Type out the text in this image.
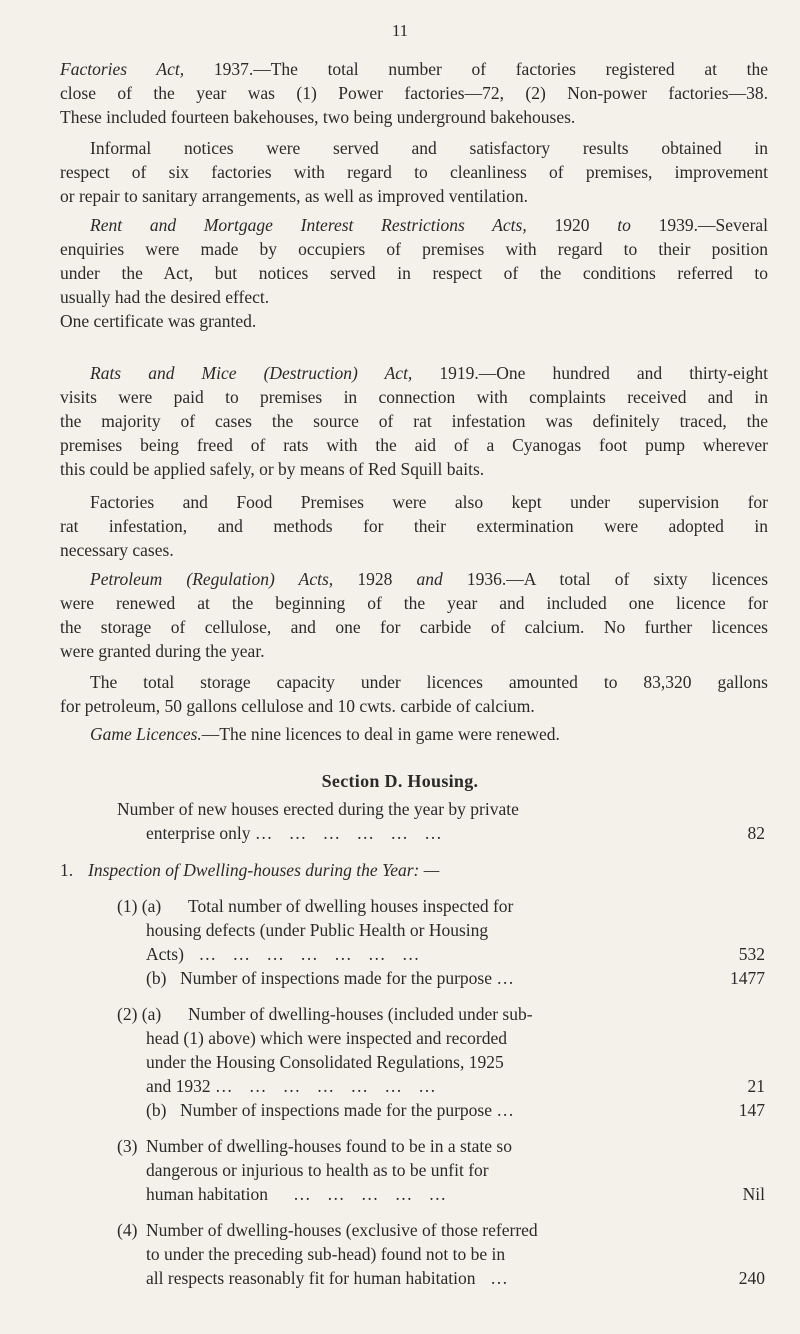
11

Factories Act, 1937.—The total number of factories registered at the
close of the year was (1) Power factories—72, (2) Non-power factories—38.
These included fourteen bakehouses, two being underground bakehouses.

Informal notices were served and satisfactory results obtained in
respect of six factories with regard to cleanliness of premises, improvement
or repair to sanitary arrangements, as well as improved ventilation.

Rent and Mortgage Interest Restrictions Acts, 1920 to 1939.—Several
enquiries were made by occupiers of premises with regard to their position
under the Act, but notices served in respect of the conditions referred to
usually had the desired effect.
One certificate was granted.

Rats and Mice (Destruction) Act, 1919.—One hundred and thirty-eight
visits were paid to premises in connection with complaints received and in
the majority of cases the source of rat infestation was definitely traced, the
premises being freed of rats with the aid of a Cyanogas foot pump wherever
this could be applied safely, or by means of Red Squill baits.

Factories and Food Premises were also kept under supervision for
rat infestation, and methods for their extermination were adopted in
necessary cases.

Petroleum (Regulation) Acts, 1928 and 1936.—A total of sixty licences
were renewed at the beginning of the year and included one licence for
the storage of cellulose, and one for carbide of calcium. No further licences
were granted during the year.

The total storage capacity under licences amounted to 83,320 gallons
for petroleum, 50 gallons cellulose and 10 cwts. carbide of calcium.

Game Licences.—The nine licences to deal in game were renewed.

Section D. Housing.
Number of new houses erected during the year by private
enterprise only … … … … … …	82
1. Inspection of Dwelling-houses during the Year: —
(1) (a) Total number of dwelling houses inspected for
housing defects (under Public Health or Housing
Acts)  … … … … … … …	532
(b) Number of inspections made for the purpose …	1477
(2) (a) Number of dwelling-houses (included under sub-
head (1) above) which were inspected and recorded
under the Housing Consolidated Regulations, 1925
and 1932 … … … … … … …	21
(b) Number of inspections made for the purpose …	147
(3) Number of dwelling-houses found to be in a state so
dangerous or injurious to health as to be unfit for
human habitation   … … … … …	Nil
(4) Number of dwelling-houses (exclusive of those referred
to under the preceding sub-head) found not to be in
all respects reasonably fit for human habitation  …	240
